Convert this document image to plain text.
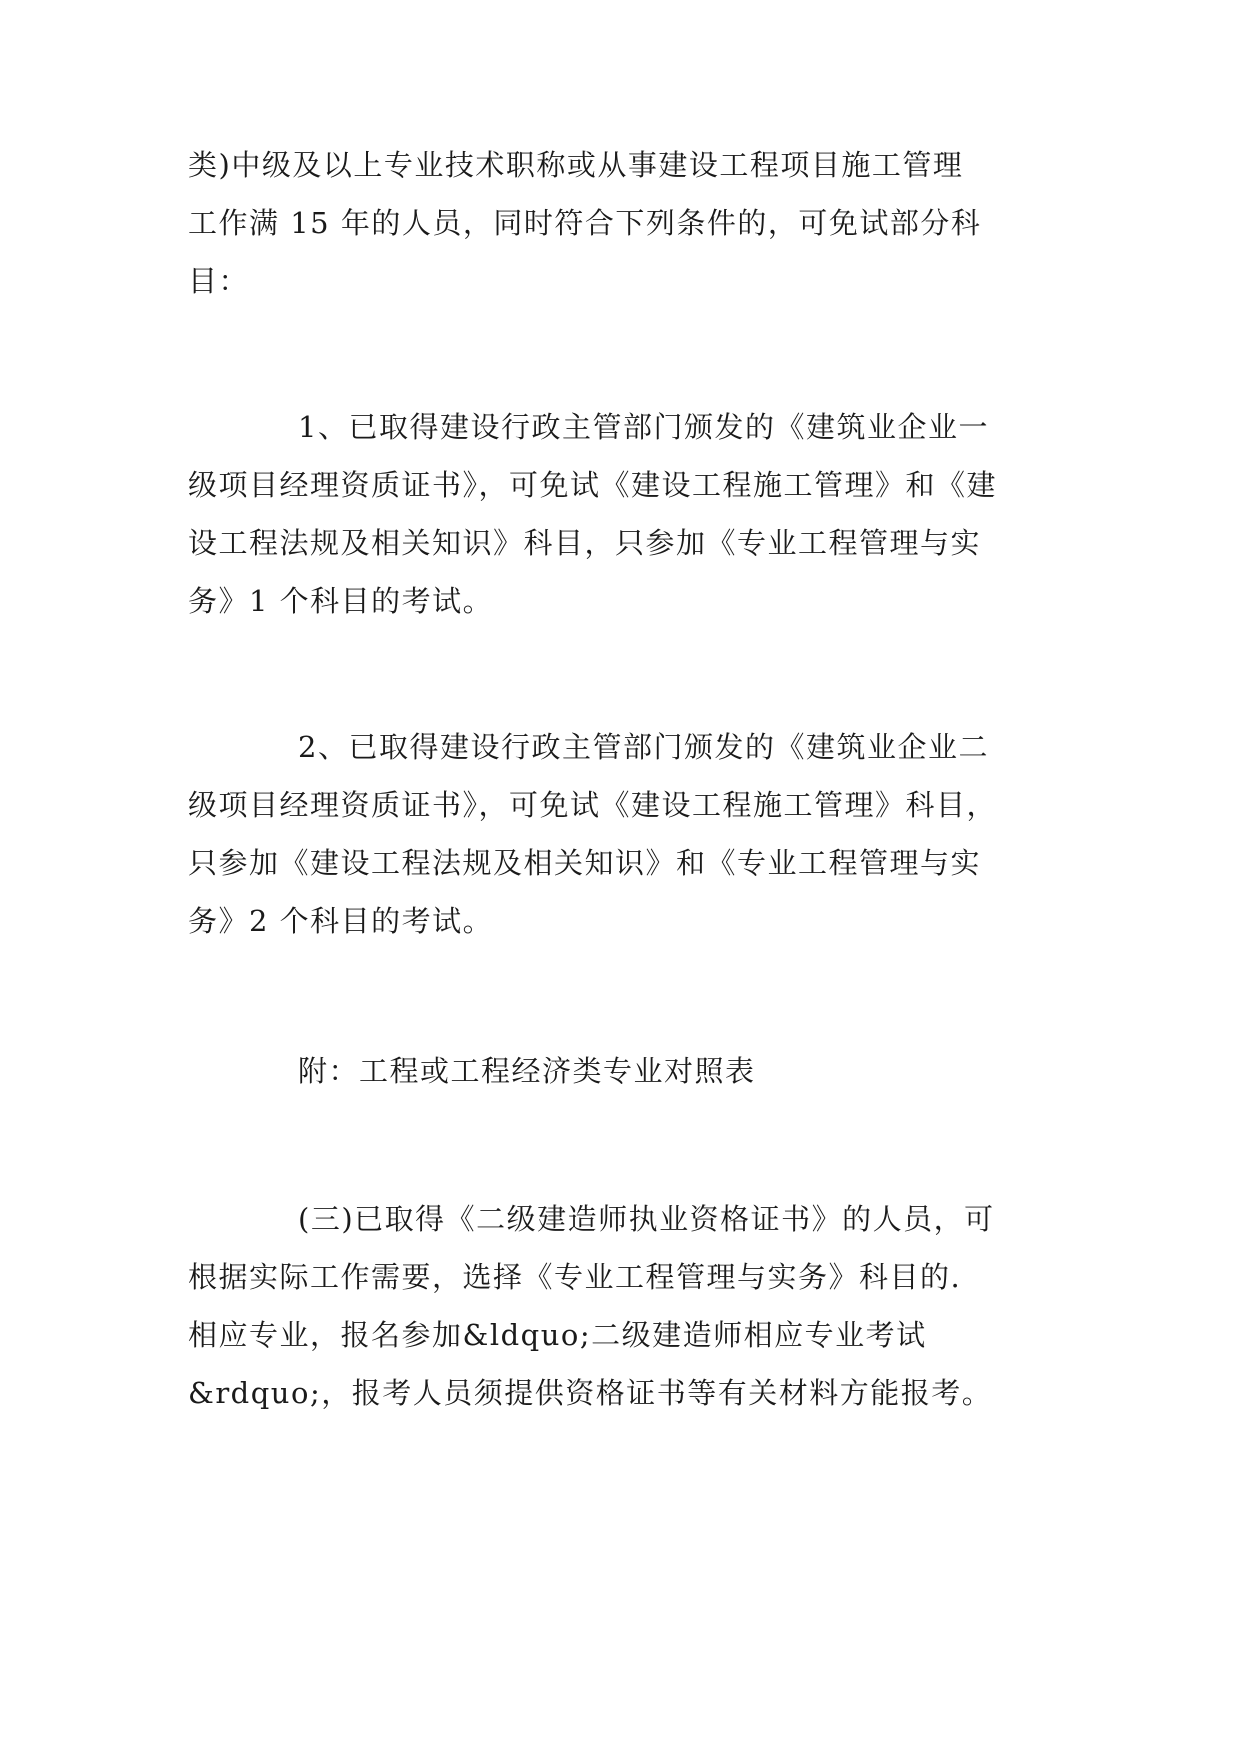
类)中级及以上专业技术职称或从事建设工程项目施工管理
工作满 15 年的人员，同时符合下列条件的，可免试部分科
目：
1、已取得建设行政主管部门颁发的《建筑业企业一
级项目经理资质证书》，可免试《建设工程施工管理》和《建
设工程法规及相关知识》科目，只参加《专业工程管理与实
务》1 个科目的考试。
2、已取得建设行政主管部门颁发的《建筑业企业二
级项目经理资质证书》，可免试《建设工程施工管理》科目，
只参加《建设工程法规及相关知识》和《专业工程管理与实
务》2 个科目的考试。
附：工程或工程经济类专业对照表
(三)已取得《二级建造师执业资格证书》的人员，可
根据实际工作需要，选择《专业工程管理与实务》科目的.
相应专业，报名参加&ldquo;二级建造师相应专业考试
&rdquo;，报考人员须提供资格证书等有关材料方能报考。
